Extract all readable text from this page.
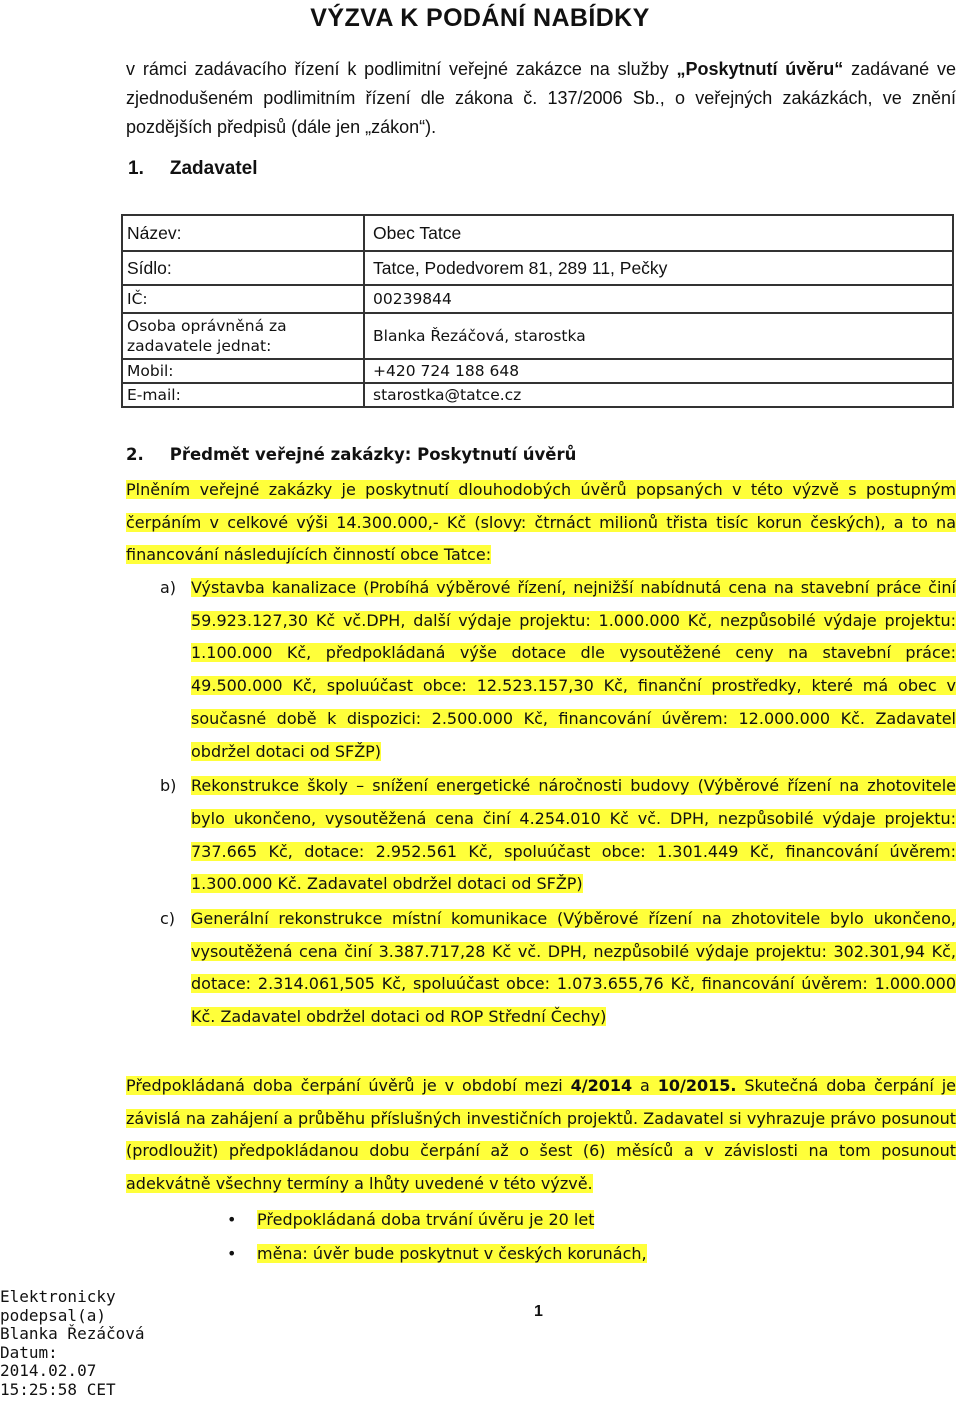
VÝZVA K PODÁNÍ NABÍDKY

v rámci zadávacího řízení k podlimitní veřejné zakázce na služby „Poskytnutí úvěru“ zadávané ve zjednodušeném podlimitním řízení dle zákona č. 137/2006 Sb., o veřejných zakázkách, ve znění pozdějších předpisů (dále jen „zákon“).

1. Zadavatel
Název:	Obec Tatce
Sídlo:	Tatce, Podedvorem 81, 289 11, Pečky
IČ:	00239844
Osoba oprávněná za zadavatele jednat:	Blanka Řezáčová, starostka
Mobil:	+420 724 188 648
E-mail:	starostka@tatce.cz
2. Předmět veřejné zakázky: Poskytnutí úvěrů

Plněním veřejné zakázky je poskytnutí dlouhodobých úvěrů popsaných v této výzvě s postupným čerpáním v celkové výši 14.300.000,- Kč (slovy: čtrnáct milionů třista tisíc korun českých), a to na financování následujících činností obce Tatce:

a) Výstavba kanalizace (Probíhá výběrové řízení, nejnižší nabídnutá cena na stavební práce činí 59.923.127,30 Kč vč.DPH, další výdaje projektu: 1.000.000 Kč, nezpůsobilé výdaje projektu: 1.100.000 Kč, předpokládaná výše dotace dle vysoutěžené ceny na stavební práce: 49.500.000 Kč, spoluúčast obce: 12.523.157,30 Kč, finanční prostředky, které má obec v současné době k dispozici: 2.500.000 Kč, financování úvěrem: 12.000.000 Kč. Zadavatel obdržel dotaci od SFŽP)
b) Rekonstrukce školy – snížení energetické náročnosti budovy (Výběrové řízení na zhotovitele bylo ukončeno, vysoutěžená cena činí 4.254.010 Kč vč. DPH, nezpůsobilé výdaje projektu: 737.665 Kč, dotace: 2.952.561 Kč, spoluúčast obce: 1.301.449 Kč, financování úvěrem: 1.300.000 Kč. Zadavatel obdržel dotaci od SFŽP)
c) Generální rekonstrukce místní komunikace (Výběrové řízení na zhotovitele bylo ukončeno, vysoutěžená cena činí 3.387.717,28 Kč vč. DPH, nezpůsobilé výdaje projektu: 302.301,94 Kč, dotace: 2.314.061,505 Kč, spoluúčast obce: 1.073.655,76 Kč, financování úvěrem: 1.000.000 Kč. Zadavatel obdržel dotaci od ROP Střední Čechy)

Předpokládaná doba čerpání úvěrů je v období mezi 4/2014 a 10/2015. Skutečná doba čerpání je závislá na zahájení a průběhu příslušných investičních projektů. Zadavatel si vyhrazuje právo posunout (prodloužit) předpokládanou dobu čerpání až o šest (6) měsíců a v závislosti na tom posunout adekvátně všechny termíny a lhůty uvedené v této výzvě.

• Předpokládaná doba trvání úvěru je 20 let
• měna: úvěr bude poskytnut v českých korunách,
Elektronicky
podepsal(a)
Blanka Řezáčová
Datum:
2014.02.07
15:25:58 CET
1
